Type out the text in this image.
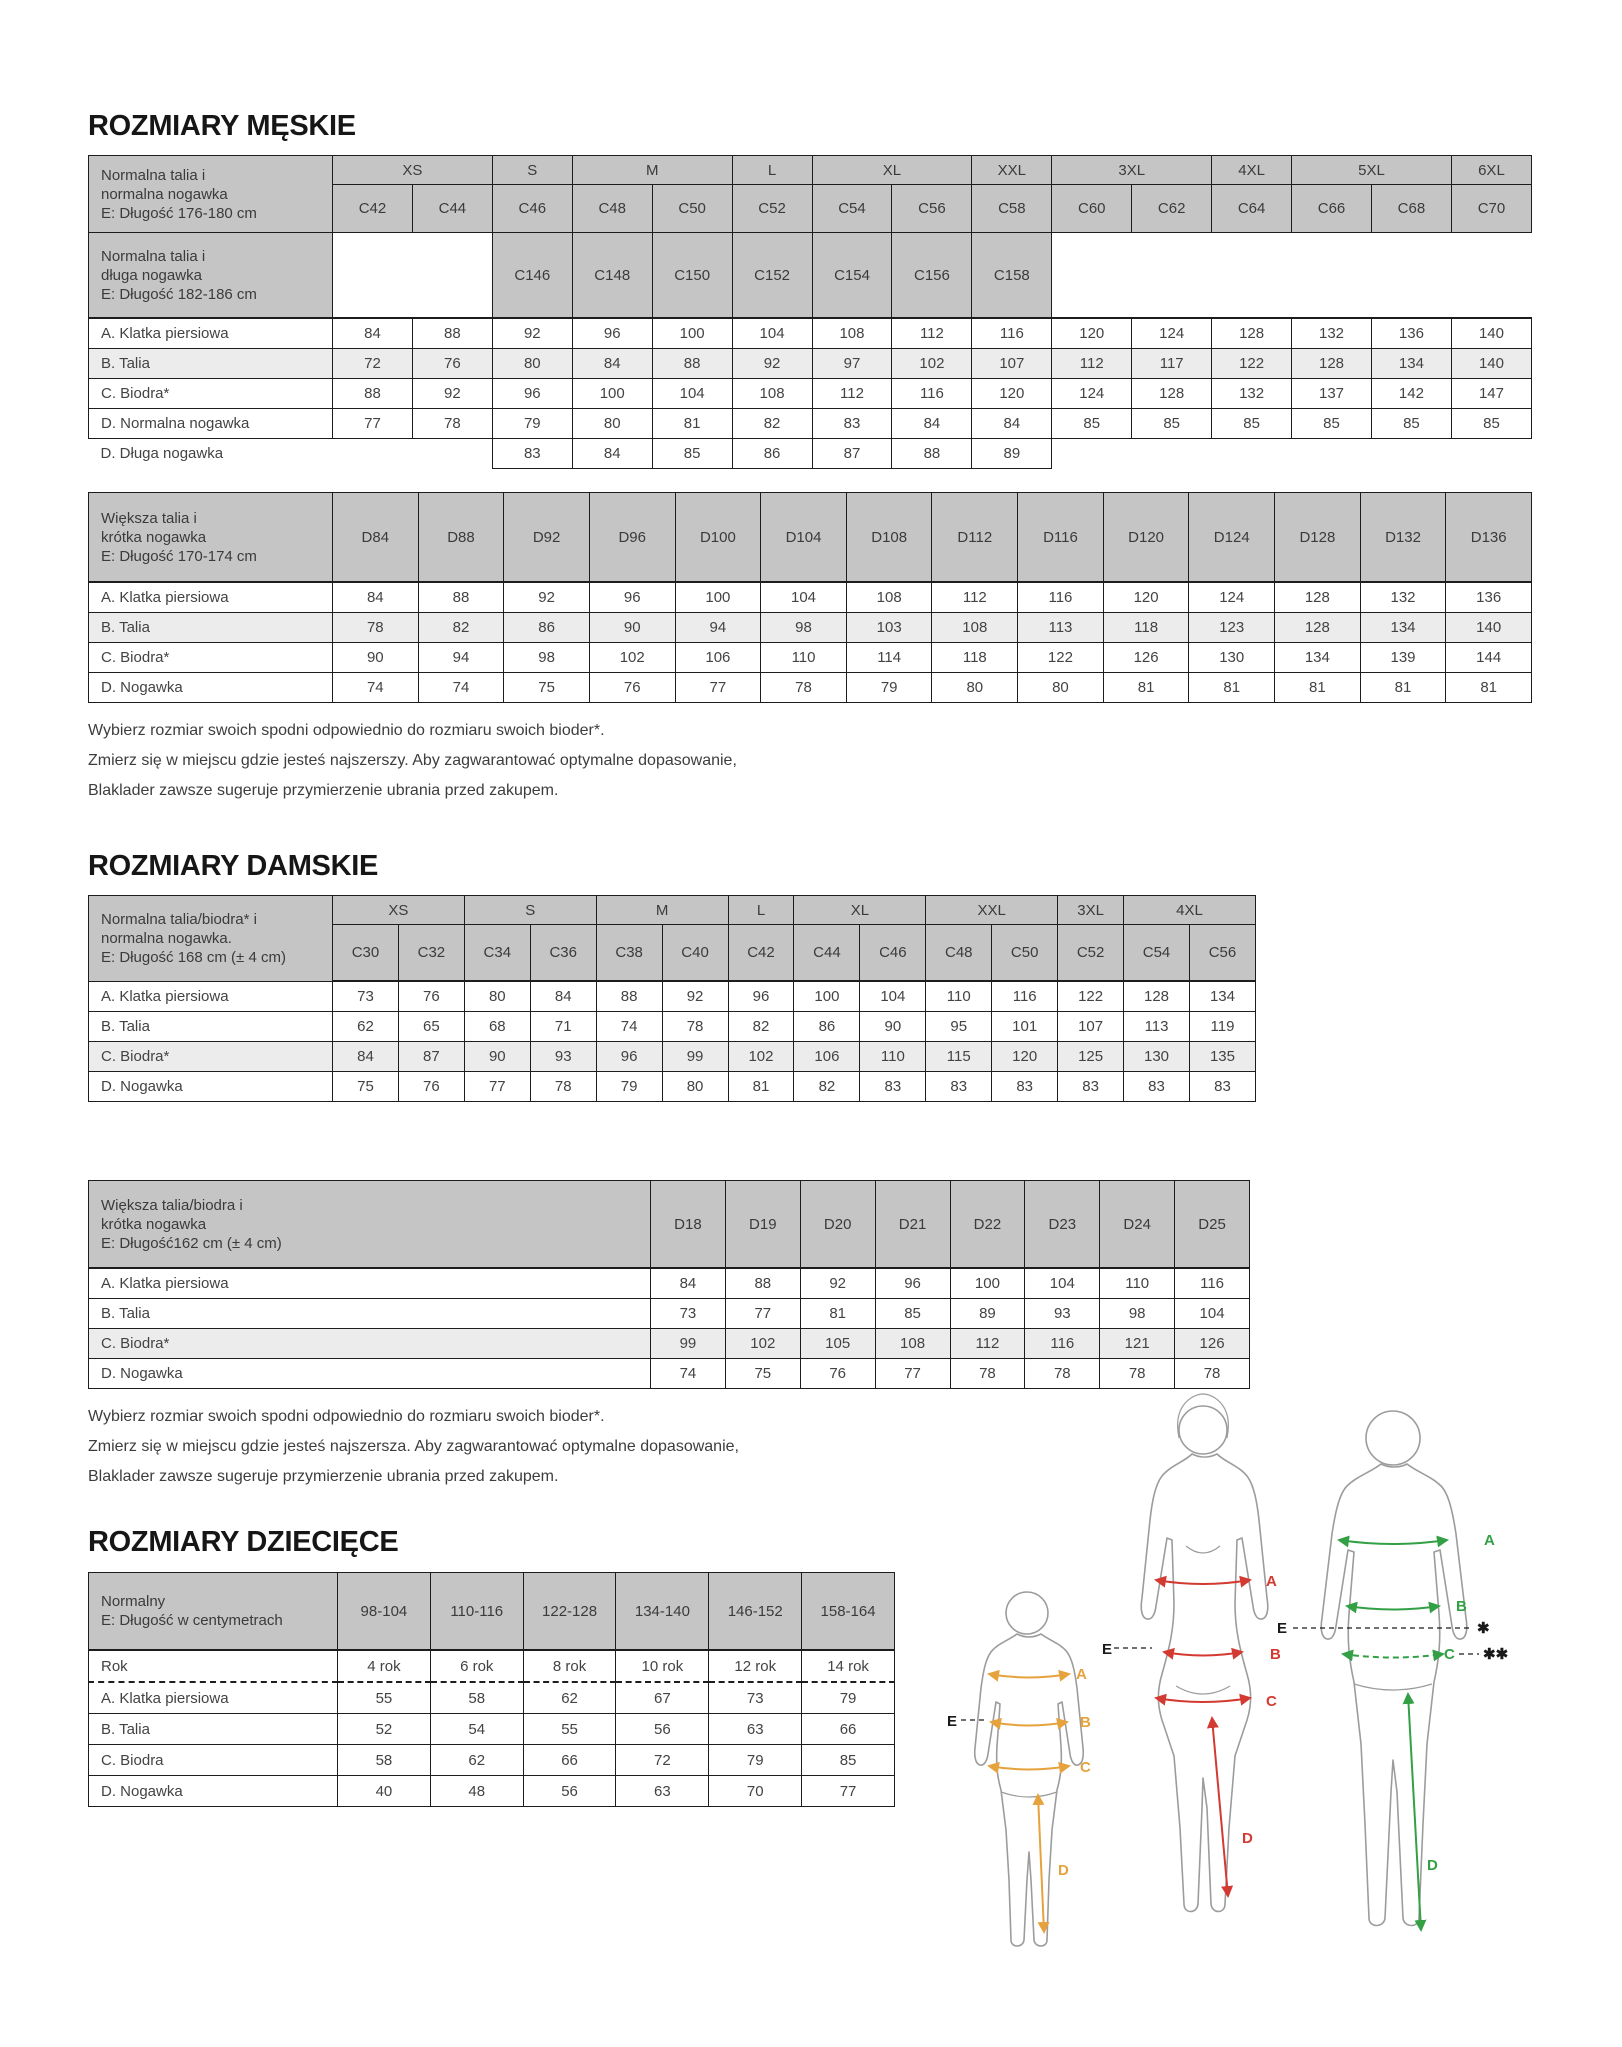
ROZMIARY MĘSKIE
Normalna talia i
normalna nogawka
E: Długość 176-180 cm	XS		S	M		L	XL		XXL	3XL		4XL	5XL		6XL
	C42	C44	C46	C48	C50	C52	C54	C56	C58	C60	C62	C64	C66	C68	C70

Normalna talia i
długa nogawka
E: Długość 182-186 cm			C146	C148	C150	C152	C154	C156	C158						
A. Klatka piersiowa	84	88	92	96	100	104	108	112	116	120	124	128	132	136	140
B. Talia	72	76	80	84	88	92	97	102	107	112	117	122	128	134	140
C. Biodra*	88	92	96	100	104	108	112	116	120	124	128	132	137	142	147
D. Normalna nogawka	77	78	79	80	81	82	83	84	84	85	85	85	85	85	85
D. Długa nogawka			83	84	85	86	87	88	89						
Większa talia i
krótka nogawka
E: Długość 170-174 cm	D84	D88	D92	D96	D100	D104	D108	D112	D116	D120	D124	D128	D132	D136
A. Klatka piersiowa	84	88	92	96	100	104	108	112	116	120	124	128	132	136
B. Talia	78	82	86	90	94	98	103	108	113	118	123	128	134	140
C. Biodra*	90	94	98	102	106	110	114	118	122	126	130	134	139	144
D. Nogawka	74	74	75	76	77	78	79	80	80	81	81	81	81	81

Wybierz rozmiar swoich spodni odpowiednio do rozmiaru swoich bioder*.

Zmierz się w miejscu gdzie jesteś najszerszy. Aby zagwarantować optymalne dopasowanie,

Blaklader zawsze sugeruje przymierzenie ubrania przed zakupem.

ROZMIARY DAMSKIE
Normalna talia/biodra* i
normalna nogawka.
E: Długość 168 cm (± 4 cm)	XS		S		M		L	XL		XXL		3XL	4XL	
	C30	C32	C34	C36	C38	C40	C42	C44	C46	C48	C50	C52	C54	C56
A. Klatka piersiowa	73	76	80	84	88	92	96	100	104	110	116	122	128	134
B. Talia	62	65	68	71	74	78	82	86	90	95	101	107	113	119
C. Biodra*	84	87	90	93	96	99	102	106	110	115	120	125	130	135
D. Nogawka	75	76	77	78	79	80	81	82	83	83	83	83	83	83
Większa talia/biodra i
krótka nogawka
E: Długość162 cm (± 4 cm)	D18	D19	D20	D21	D22	D23	D24	D25
A. Klatka piersiowa	84	88	92	96	100	104	110	116
B. Talia	73	77	81	85	89	93	98	104
C. Biodra*	99	102	105	108	112	116	121	126
D. Nogawka	74	75	76	77	78	78	78	78

Wybierz rozmiar swoich spodni odpowiednio do rozmiaru swoich bioder*.

Zmierz się w miejscu gdzie jesteś najszersza. Aby zagwarantować optymalne dopasowanie,

Blaklader zawsze sugeruje przymierzenie ubrania przed zakupem.

ROZMIARY DZIECIĘCE
Normalny
E: Długość w centymetrach	98-104	110-116	122-128	134-140	146-152	158-164
Rok	4 rok	6 rok	8 rok	10 rok	12 rok	14 rok
A. Klatka piersiowa	55	58	62	67	73	79
B. Talia	52	54	55	56	63	66
C. Biodra	58	62	66	72	79	85
D. Nogawka	40	48	56	63	70	77
A
B
C
D
E
A
B
C
D
E
A
B
C
D
E	✱
✱✱
